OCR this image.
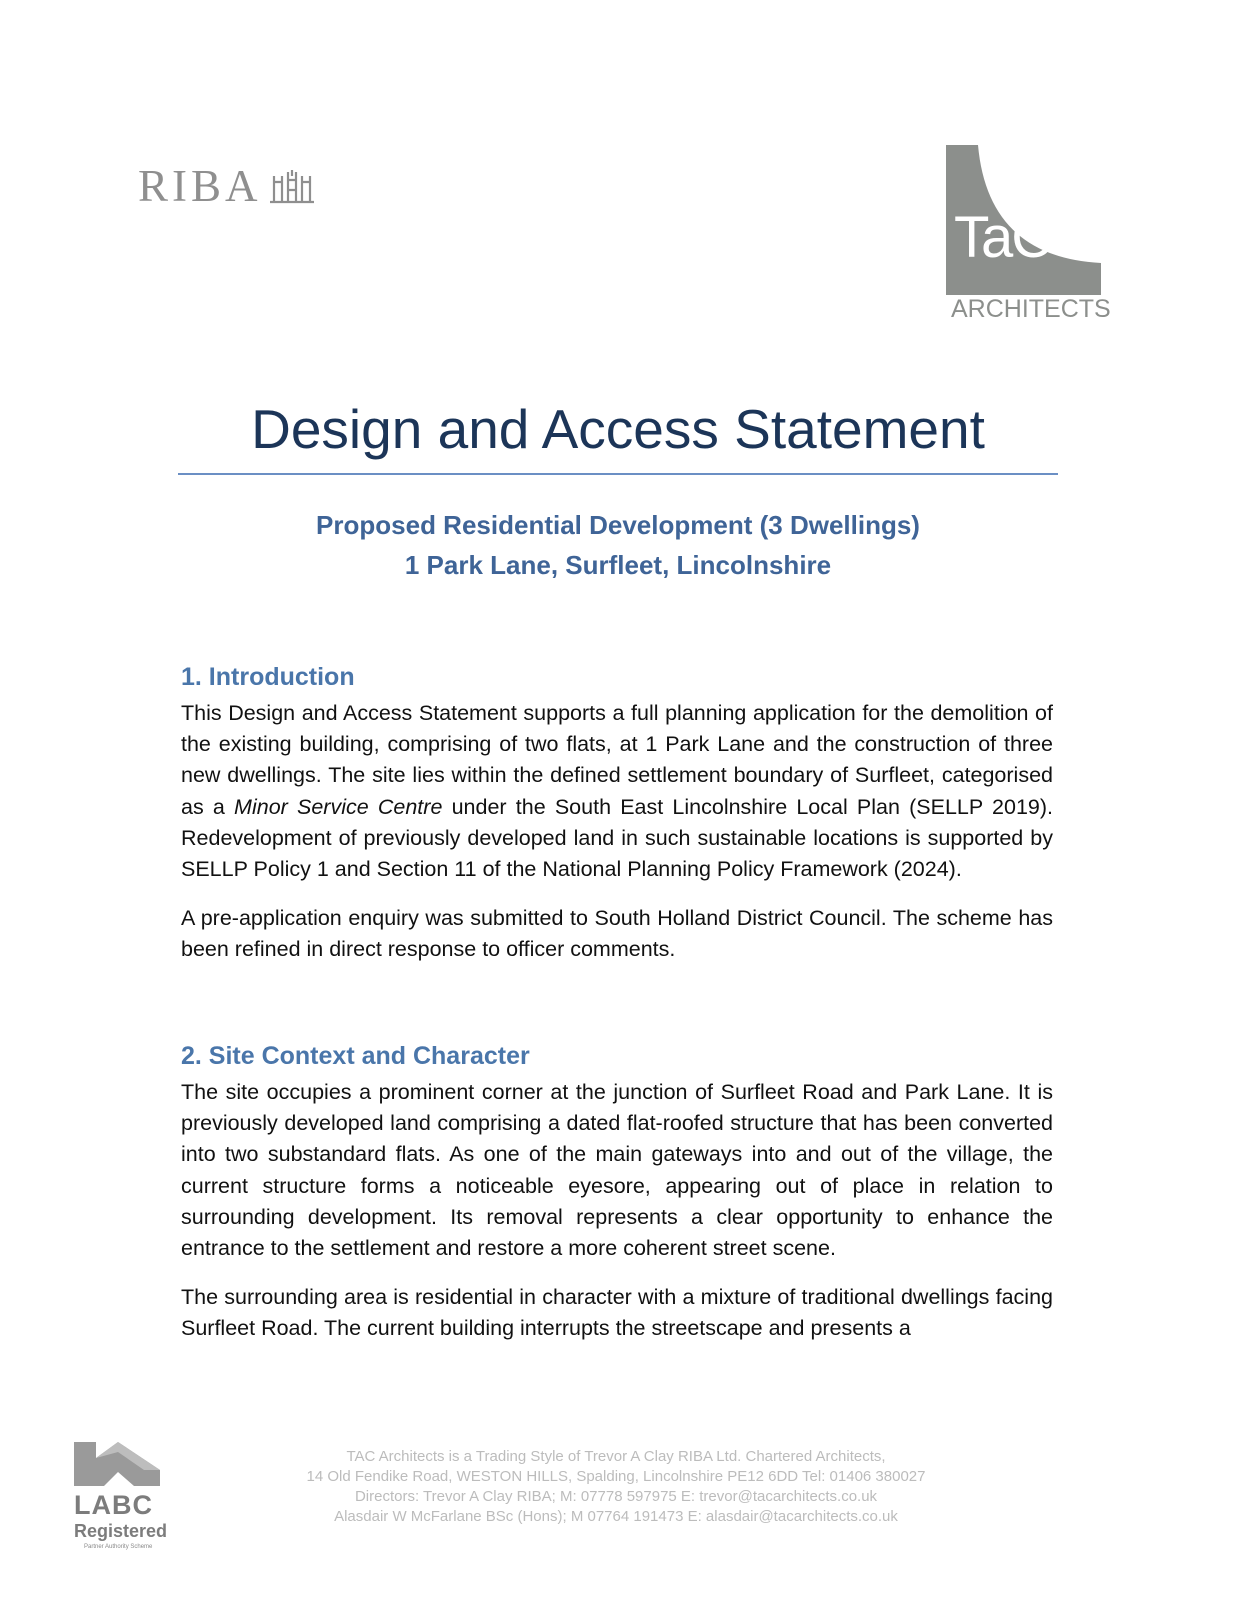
RIBA
TaC
ARCHITECTS
Design and Access Statement
Proposed Residential Development (3 Dwellings)
1 Park Lane, Surfleet, Lincolnshire
1. Introduction

This Design and Access Statement supports a full planning application for the demolition of the existing building, comprising of two flats, at 1 Park Lane and the construction of three new dwellings. The site lies within the defined settlement boundary of Surfleet, categorised as a Minor Service Centre under the South East Lincolnshire Local Plan (SELLP 2019). Redevelopment of previously developed land in such sustainable locations is supported by SELLP Policy 1 and Section 11 of the National Planning Policy Framework (2024).

A pre-application enquiry was submitted to South Holland District Council. The scheme has been refined in direct response to officer comments.

2. Site Context and Character

The site occupies a prominent corner at the junction of Surfleet Road and Park Lane. It is previously developed land comprising a dated flat-roofed structure that has been converted into two substandard flats. As one of the main gateways into and out of the village, the current structure forms a noticeable eyesore, appearing out of place in relation to surrounding development. Its removal represents a clear opportunity to enhance the entrance to the settlement and restore a more coherent street scene.

The surrounding area is residential in character with a mixture of traditional dwellings facing Surfleet Road. The current building interrupts the streetscape and presents a

LABC
Registered
Partner Authority Scheme
TAC Architects is a Trading Style of Trevor A Clay RIBA Ltd. Chartered Architects,
14 Old Fendike Road, WESTON HILLS, Spalding, Lincolnshire PE12 6DD Tel: 01406 380027
Directors: Trevor A Clay RIBA; M: 07778 597975 E: trevor@tacarchitects.co.uk
Alasdair W McFarlane BSc (Hons); M 07764 191473 E: alasdair@tacarchitects.co.uk
